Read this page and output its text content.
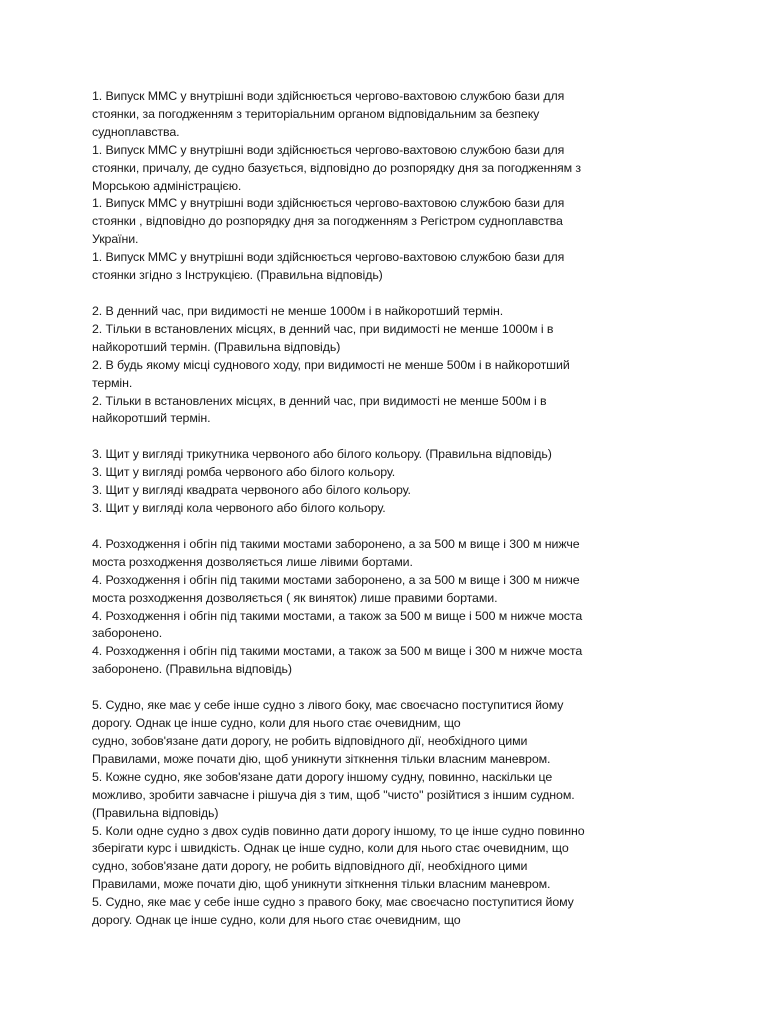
1. Випуск ММС у внутрішні води здійснюється чергово-вахтовою службою бази для
стоянки, за погодженням з територіальним органом відповідальним за безпеку
судноплавства.
1. Випуск ММС у внутрішні води здійснюється чергово-вахтовою службою бази для
стоянки, причалу, де судно базується, відповідно до розпорядку дня за погодженням з
Морською адміністрацією.
1. Випуск ММС у внутрішні води здійснюється чергово-вахтовою службою бази для
стоянки , відповідно до розпорядку дня за погодженням з Регістром судноплавства
України.
1. Випуск ММС у внутрішні води здійснюється чергово-вахтовою службою бази для
стоянки згідно з Інструкцією. (Правильна відповідь)
2. В денний час, при видимості не менше 1000м і в найкоротший термін.
2. Тільки в встановлених місцях, в денний час, при видимості не менше 1000м і в
найкоротший термін. (Правильна відповідь)
2. В будь якому місці суднового ходу, при видимості не менше 500м і в найкоротший
термін.
2. Тільки в встановлених місцях, в денний час, при видимості не менше 500м і в
найкоротший термін.
3. Щит у вигляді трикутника червоного або білого кольору. (Правильна відповідь)
3. Щит у вигляді ромба червоного або білого кольору.
3. Щит у вигляді квадрата червоного або білого кольору.
3. Щит у вигляді кола червоного або білого кольору.
4. Розходження і обгін під такими мостами заборонено, а за 500 м вище і 300 м нижче
моста розходження дозволяється лише лівими бортами.
4. Розходження і обгін під такими мостами заборонено, а за 500 м вище і 300 м нижче
моста розходження дозволяється ( як виняток) лише правими бортами.
4. Розходження і обгін під такими мостами, а також за 500 м вище і 500 м нижче моста
заборонено.
4. Розходження і обгін під такими мостами, а також за 500 м вище і 300 м нижче моста
заборонено. (Правильна відповідь)
5. Судно, яке має у себе інше судно з лівого боку, має своєчасно поступитися йому
дорогу. Однак це інше судно, коли для нього стає очевидним, що
судно, зобов'язане дати дорогу, не робить відповідного дії, необхідного цими
Правилами, може почати дію, щоб уникнути зіткнення тільки власним маневром.
5. Кожне судно, яке зобов'язане дати дорогу іншому судну, повинно, наскільки це
можливо, зробити завчасне і рішуча дія з тим, щоб "чисто" розійтися з іншим судном.
(Правильна відповідь)
5. Коли одне судно з двох судів повинно дати дорогу іншому, то це інше судно повинно
зберігати курс і швидкість. Однак це інше судно, коли для нього стає очевидним, що
судно, зобов'язане дати дорогу, не робить відповідного дії, необхідного цими
Правилами, може почати дію, щоб уникнути зіткнення тільки власним маневром.
5. Судно, яке має у себе інше судно з правого боку, має своєчасно поступитися йому
дорогу. Однак це інше судно, коли для нього стає очевидним, що
